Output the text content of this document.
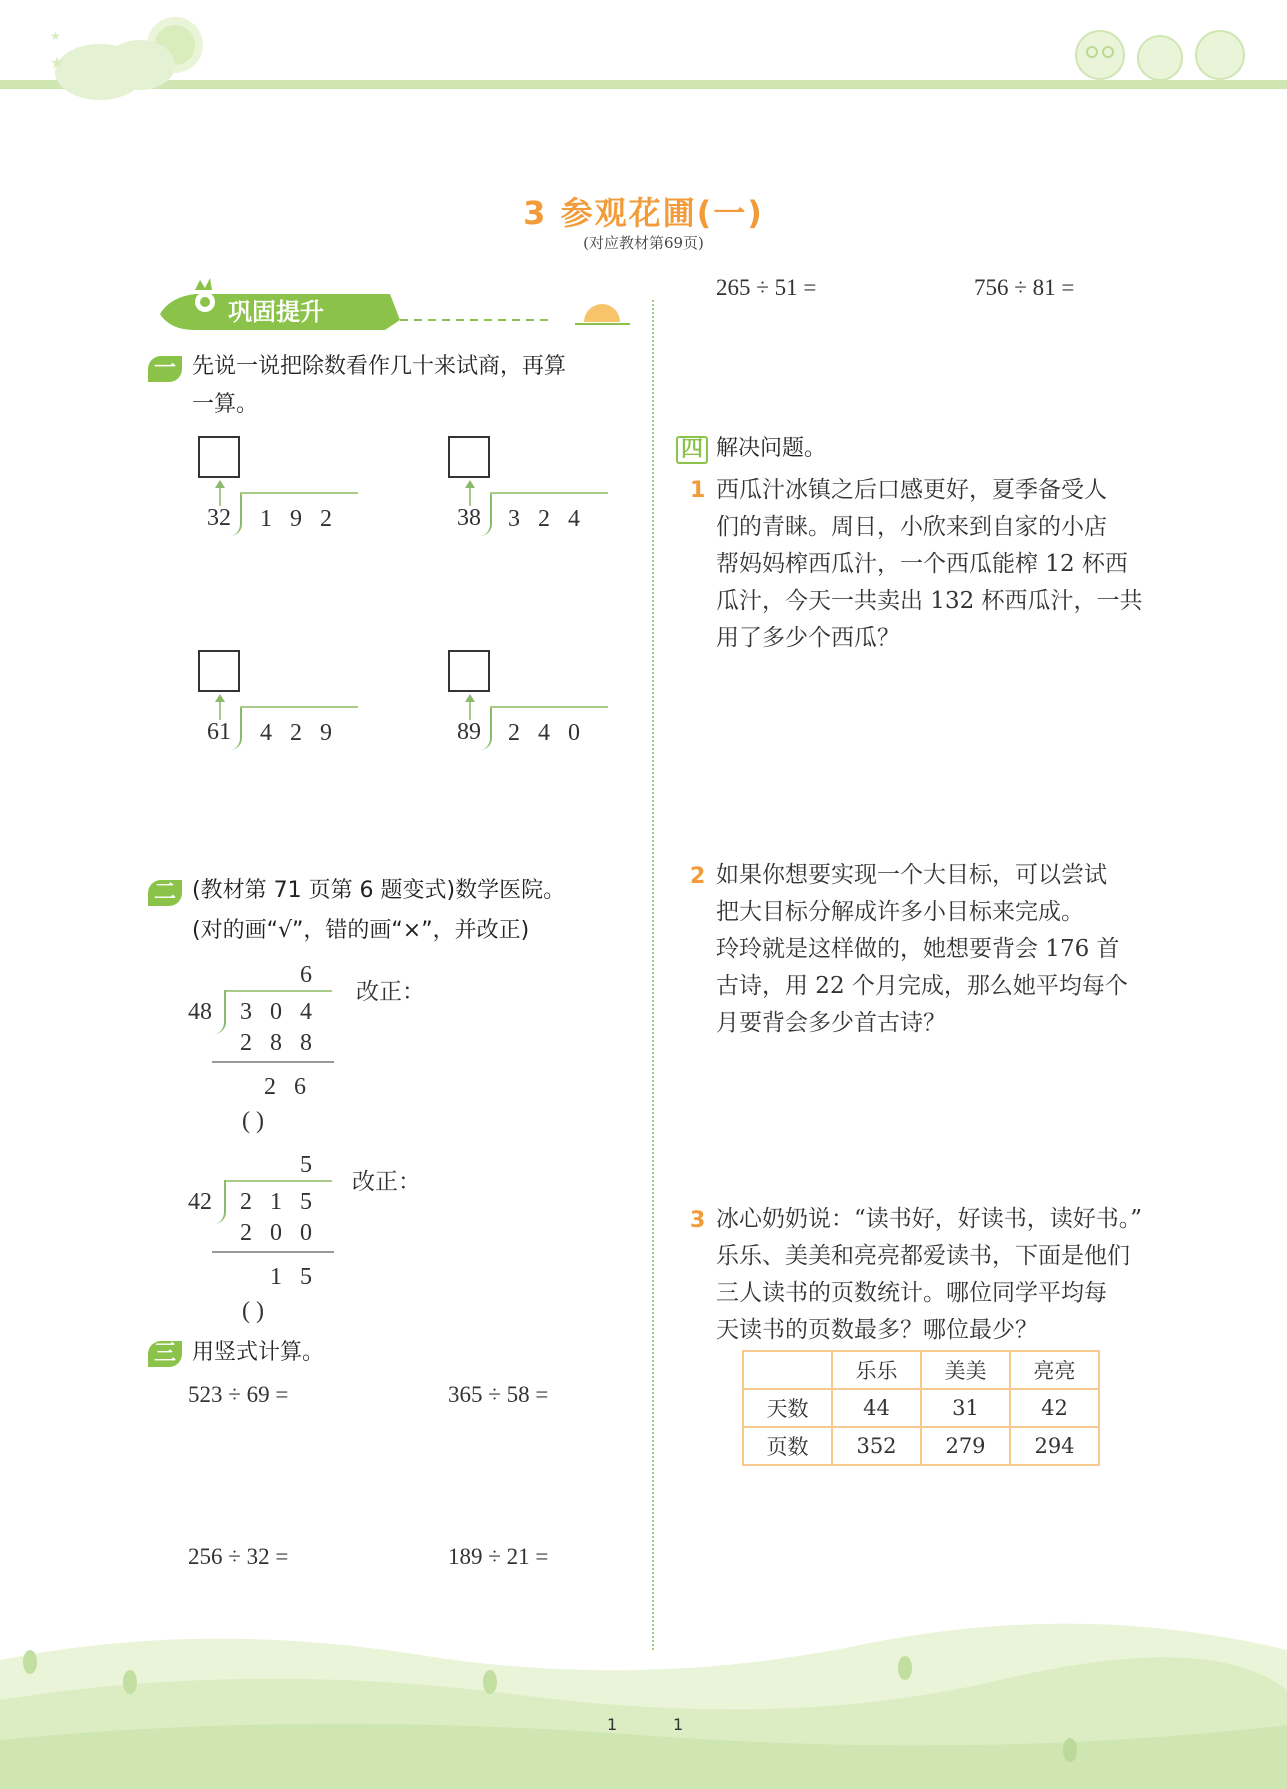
★
★
3 参观花圃(一)
(对应教材第69页)
巩固提升
一 先说一说把除数看作几十来试商，再算
一算。
32 1 9 2	38 3 2 4
61 4 2 9	89 2 4 0
二 (教材第 71 页第 6 题变式)数学医院。
(对的画“√”，错的画“×”，并改正)
6
48 3 0 4
2 8 8
2 6
( )
改正：
5
42 2 1 5
2 0 0
1 5
( )
改正：
三 用竖式计算。
523 ÷ 69 =	365 ÷ 58 =
256 ÷ 32 =	189 ÷ 21 =
265 ÷ 51 =	756 ÷ 81 =
四 解决问题。
1 西瓜汁冰镇之后口感更好，夏季备受人
们的青睐。周日，小欣来到自家的小店
帮妈妈榨西瓜汁，一个西瓜能榨 12 杯西
瓜汁，今天一共卖出 132 杯西瓜汁，一共
用了多少个西瓜？
2 如果你想要实现一个大目标，可以尝试
把大目标分解成许多小目标来完成。
玲玲就是这样做的，她想要背会 176 首
古诗，用 22 个月完成，那么她平均每个
月要背会多少首古诗？
3 冰心奶奶说：“读书好，好读书，读好书。”
乐乐、美美和亮亮都爱读书，下面是他们
三人读书的页数统计。哪位同学平均每
天读书的页数最多？哪位最少？
	乐乐	美美	亮亮
天数	44	31	42
页数	352	279	294
1	1
